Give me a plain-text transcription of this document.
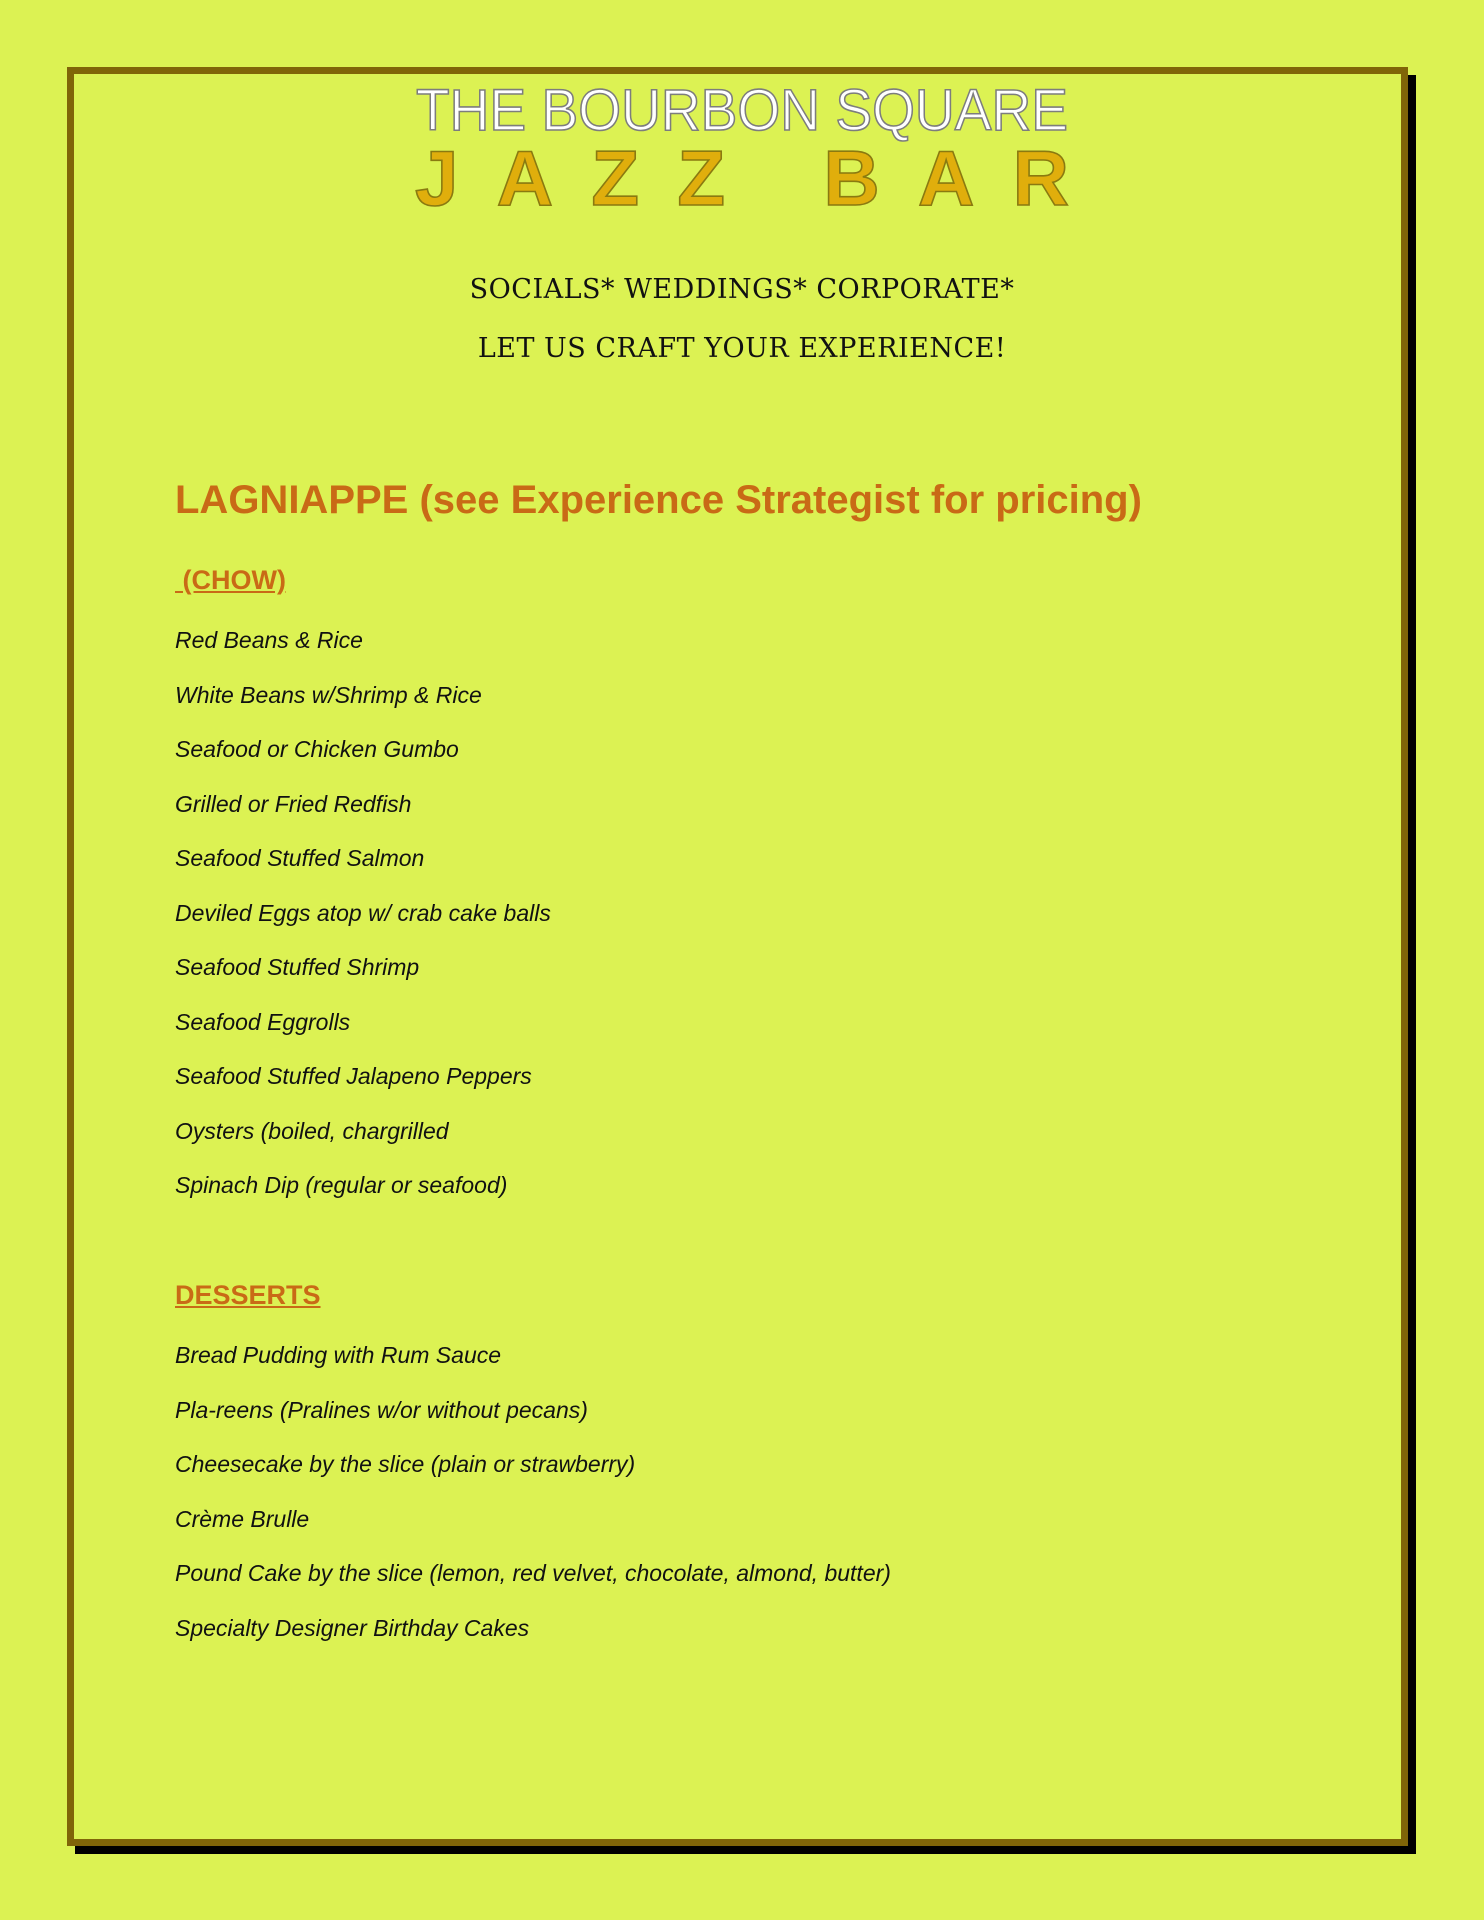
THE BOURBON SQUARE
JAZZ BAR
SOCIALS* WEDDINGS* CORPORATE*
LET US CRAFT YOUR EXPERIENCE!
LAGNIAPPE (see Experience Strategist for pricing)
(CHOW)
Red Beans & Rice
White Beans w/Shrimp & Rice
Seafood or Chicken Gumbo
Grilled or Fried Redfish
Seafood Stuffed Salmon
Deviled Eggs atop w/ crab cake balls
Seafood Stuffed Shrimp
Seafood Eggrolls
Seafood Stuffed Jalapeno Peppers
Oysters (boiled, chargrilled
Spinach Dip (regular or seafood)
DESSERTS
Bread Pudding with Rum Sauce
Pla-reens (Pralines w/or without pecans)
Cheesecake by the slice (plain or strawberry)
Crème Brulle
Pound Cake by the slice (lemon, red velvet, chocolate, almond, butter)
Specialty Designer Birthday Cakes
